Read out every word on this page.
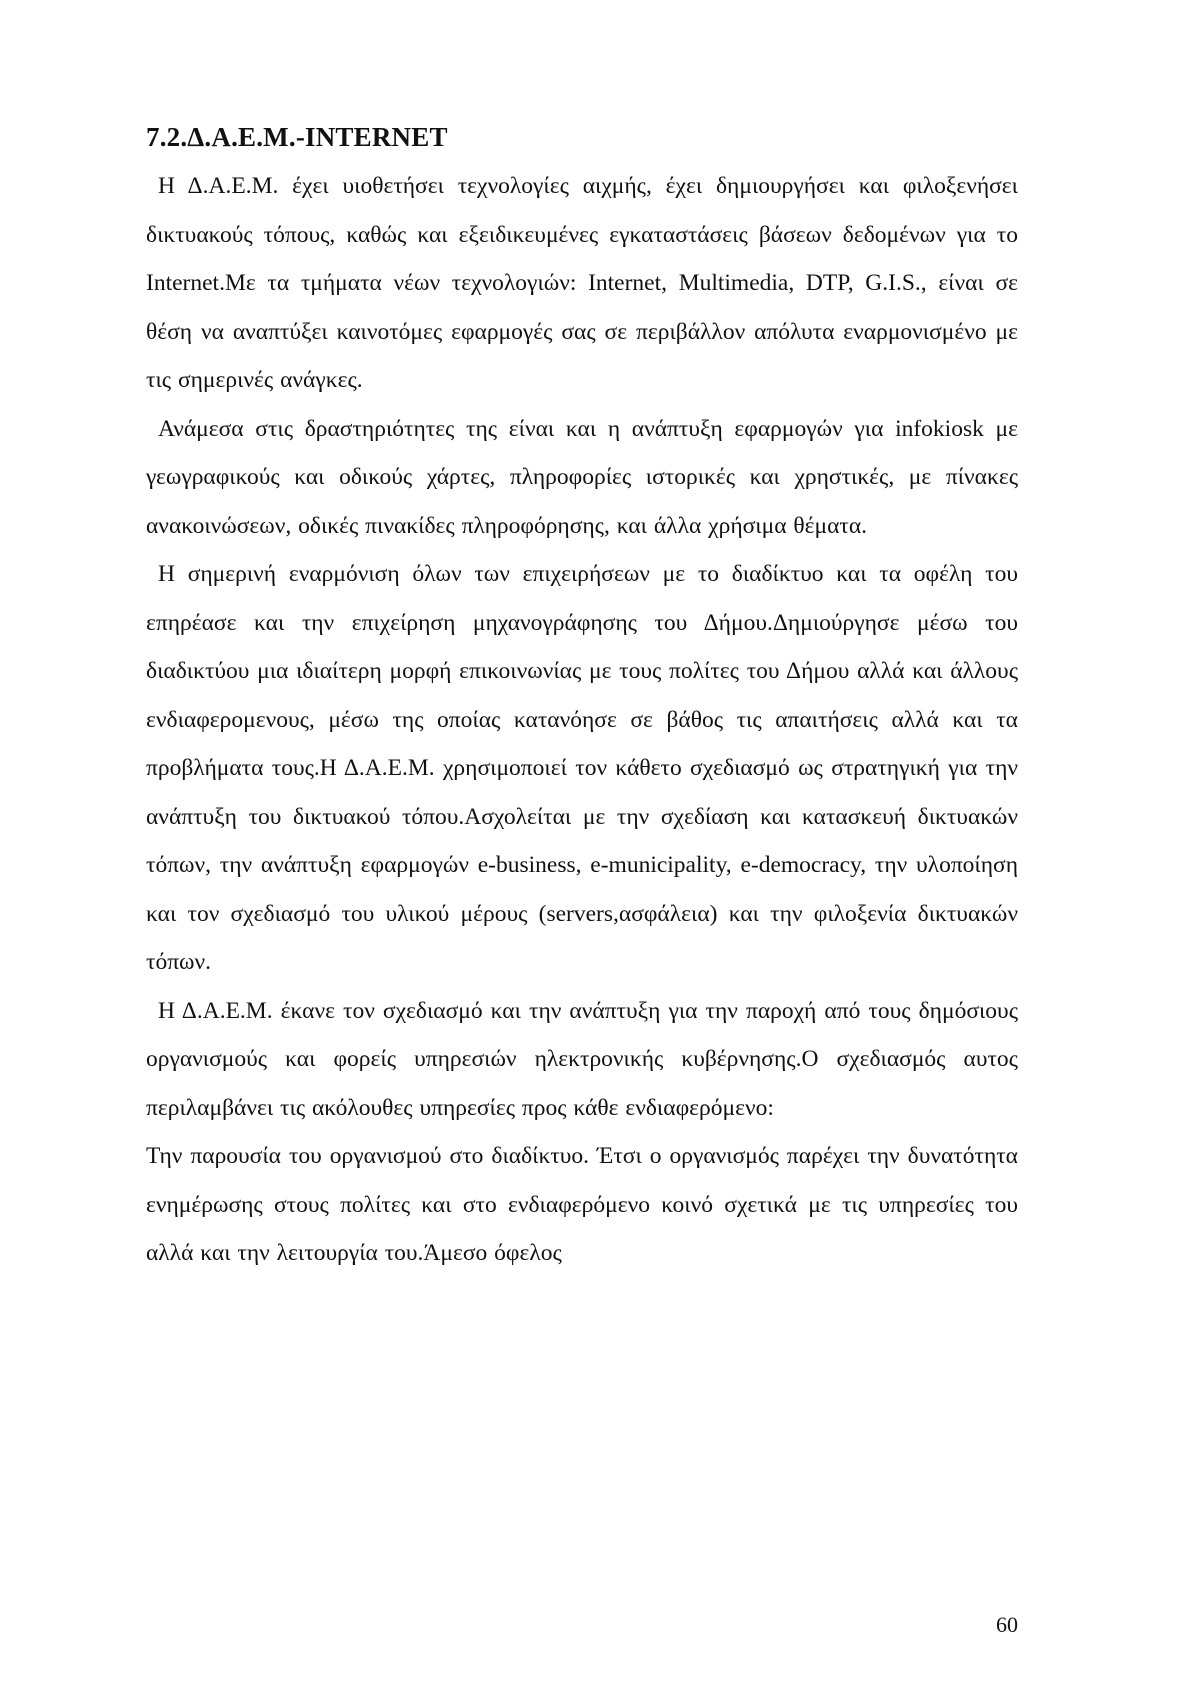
7.2.Δ.Α.Ε.Μ.-INTERNET

Η Δ.Α.Ε.Μ. έχει υιοθετήσει τεχνολογίες αιχμής, έχει δημιουργήσει και φιλοξενήσει δικτυακούς τόπους, καθώς και εξειδικευμένες εγκαταστάσεις βάσεων δεδομένων για το Internet.Με τα τμήματα νέων τεχνολογιών: Internet, Multimedia, DTP, G.I.S., είναι σε θέση να αναπτύξει καινοτόμες εφαρμογές σας σε περιβάλλον απόλυτα εναρμονισμένο με τις σημερινές ανάγκες.

Ανάμεσα στις δραστηριότητες της είναι και η ανάπτυξη εφαρμογών για infokiosk με γεωγραφικούς και οδικούς χάρτες, πληροφορίες ιστορικές και χρηστικές, με πίνακες ανακοινώσεων, οδικές πινακίδες πληροφόρησης, και άλλα χρήσιμα θέματα.

Η σημερινή εναρμόνιση όλων των επιχειρήσεων με το διαδίκτυο και τα οφέλη του επηρέασε και την επιχείρηση μηχανογράφησης του Δήμου.Δημιούργησε μέσω του διαδικτύου μια ιδιαίτερη μορφή επικοινωνίας με τους πολίτες του Δήμου αλλά και άλλους ενδιαφερομενους, μέσω της οποίας κατανόησε σε βάθος τις απαιτήσεις αλλά και τα προβλήματα τους.Η Δ.Α.Ε.Μ. χρησιμοποιεί τον κάθετο σχεδιασμό ως στρατηγική για την ανάπτυξη του δικτυακού τόπου.Ασχολείται με την σχεδίαση και κατασκευή δικτυακών τόπων, την ανάπτυξη εφαρμογών e-business, e-municipality, e-democracy, την υλοποίηση και τον σχεδιασμό του υλικού μέρους (servers,ασφάλεια) και την φιλοξενία δικτυακών τόπων.

Η Δ.Α.Ε.Μ. έκανε τον σχεδιασμό και την ανάπτυξη για την παροχή από τους δημόσιους οργανισμούς και φορείς υπηρεσιών ηλεκτρονικής κυβέρνησης.Ο σχεδιασμός αυτος περιλαμβάνει τις ακόλουθες υπηρεσίες προς κάθε ενδιαφερόμενο:

Την παρουσία του οργανισμού στο διαδίκτυο. Έτσι ο οργανισμός παρέχει την δυνατότητα ενημέρωσης στους πολίτες και στο ενδιαφερόμενο κοινό σχετικά με τις υπηρεσίες του αλλά και την λειτουργία του.Άμεσο όφελος

60
